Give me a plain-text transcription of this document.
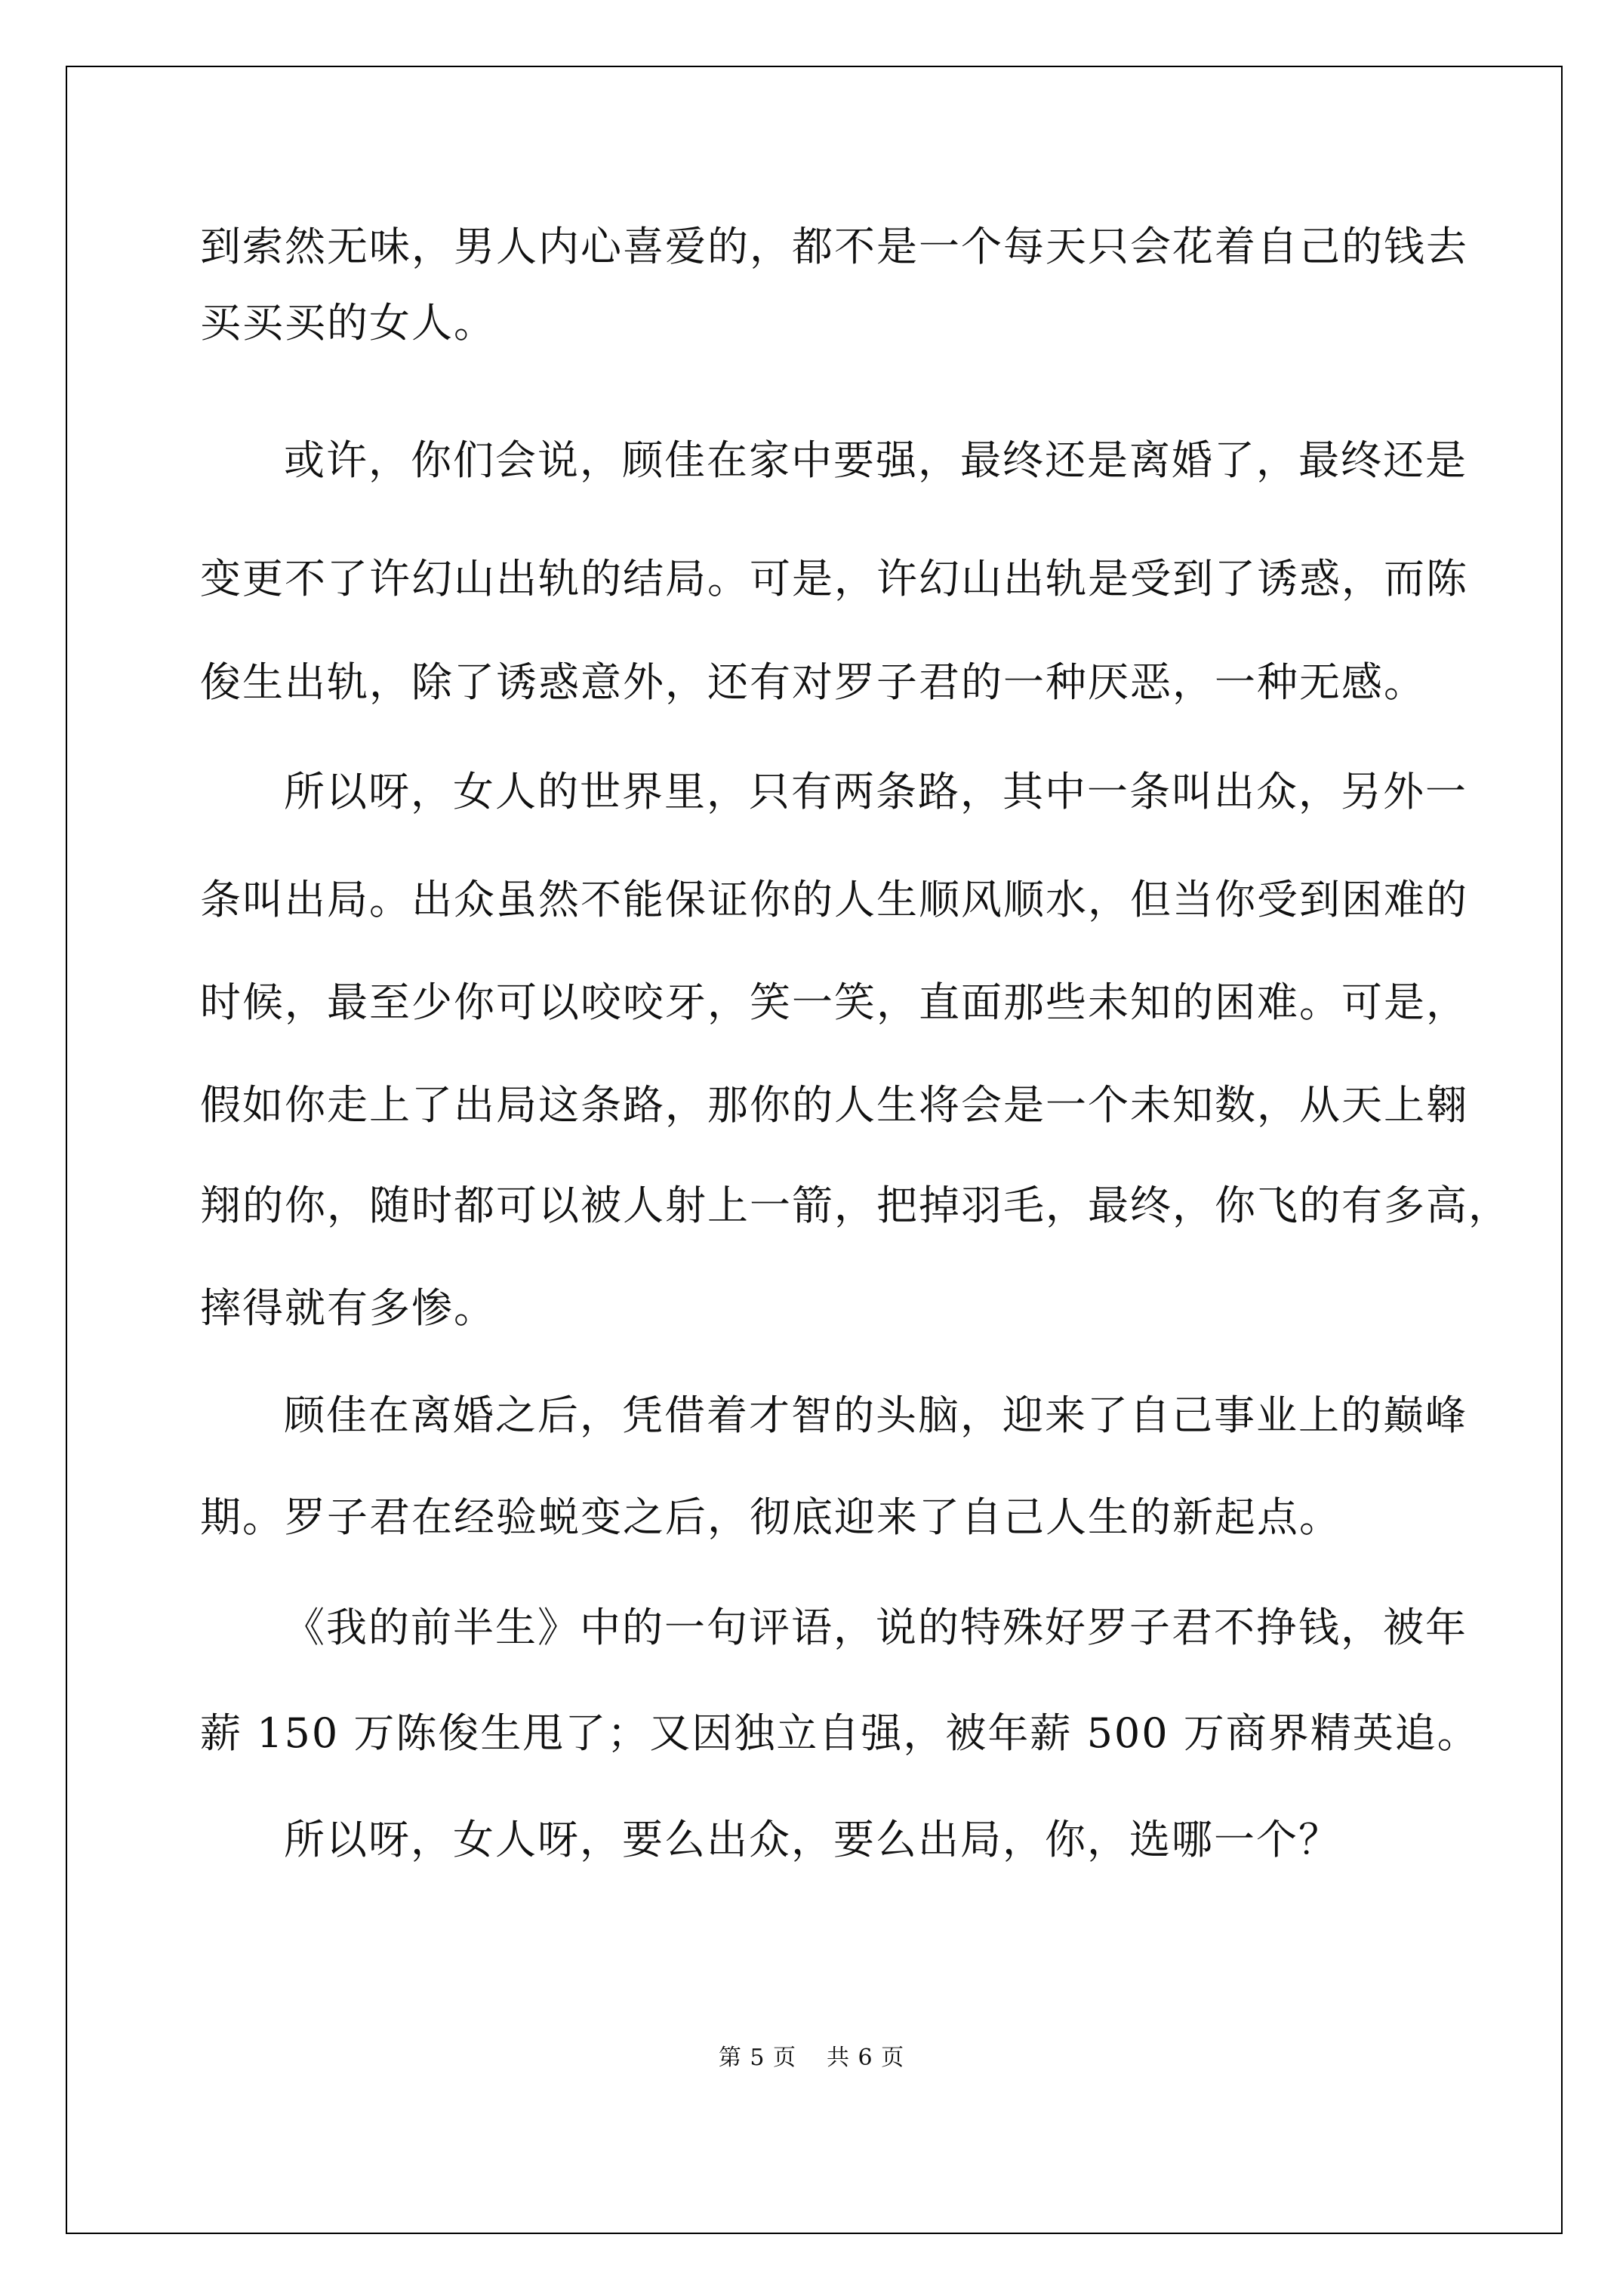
到索然无味，男人内心喜爱的，都不是一个每天只会花着自己的钱去
买买买的女人。
或许，你们会说，顾佳在家中要强，最终还是离婚了，最终还是
变更不了许幻山出轨的结局。可是，许幻山出轨是受到了诱惑，而陈
俊生出轨，除了诱惑意外，还有对罗子君的一种厌恶，一种无感。
所以呀，女人的世界里，只有两条路，其中一条叫出众，另外一
条叫出局。出众虽然不能保证你的人生顺风顺水，但当你受到困难的
时候，最至少你可以咬咬牙，笑一笑，直面那些未知的困难。可是，
假如你走上了出局这条路，那你的人生将会是一个未知数，从天上翱
翔的你，随时都可以被人射上一箭，把掉羽毛，最终，你飞的有多高，
摔得就有多惨。
顾佳在离婚之后，凭借着才智的头脑，迎来了自己事业上的巅峰
期。罗子君在经验蜕变之后，彻底迎来了自己人生的新起点。
《我的前半生》中的一句评语，说的特殊好罗子君不挣钱，被年
薪 150 万陈俊生甩了；又因独立自强，被年薪 500 万商界精英追。
所以呀，女人呀，要么出众，要么出局，你，选哪一个？
第 5 页 共 6 页
